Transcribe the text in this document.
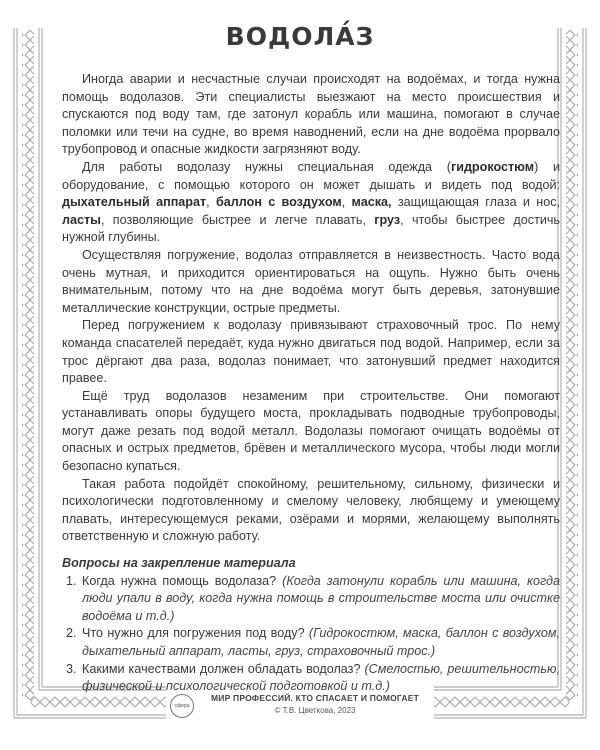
ВОДОЛА́З

Иногда аварии и несчастные случаи происходят на водоёмах, и тогда нужна помощь водолазов. Эти специалисты выезжают на место происшествия и спускаются под воду там, где затонул корабль или машина, помогают в случае поломки или течи на судне, во время наводнений, если на дне водоёма прорвало трубопровод и опасные жидкости загрязняют воду.

Для работы водолазу нужны специальная одежда (гидрокостюм) и оборудование, с помощью которого он может дышать и видеть под водой: дыхательный аппарат, баллон с воздухом, маска, защищающая глаза и нос, ласты, позволяющие быстрее и легче плавать, груз, чтобы быстрее достичь нужной глубины.

Осуществляя погружение, водолаз отправляется в неизвестность. Часто вода очень мутная, и приходится ориентироваться на ощупь. Нужно быть очень внимательным, потому что на дне водоёма могут быть деревья, затонувшие металлические конструкции, острые предметы.

Перед погружением к водолазу привязывают страховочный трос. По нему команда спасателей передаёт, куда нужно двигаться под водой. Например, если за трос дёргают два раза, водолаз понимает, что затонувший предмет находится правее.

Ещё труд водолазов незаменим при строительстве. Они помогают устанавливать опоры будущего моста, прокладывать подводные трубопроводы, могут даже резать под водой металл. Водолазы помогают очищать водоёмы от опасных и острых предметов, брёвен и металлического мусора, чтобы люди могли безопасно купаться.

Такая работа подойдёт спокойному, решительному, сильному, физически и психологически подготовленному и смелому человеку, любящему и умеющему плавать, интересующемуся реками, озёрами и морями, желающему выполнять ответственную и сложную работу.

Вопросы на закрепление материала

1. Когда нужна помощь водолаза? (Когда затонули корабль или машина, когда люди упали в воду, когда нужна помощь в строительстве моста или очистке водоёма и т.д.)
2. Что нужно для погружения под воду? (Гидрокостюм, маска, баллон с воздухом, дыхательный аппарат, ласты, груз, страховочный трос.)
3. Какими качествами должен обладать водолаз? (Смелостью, решительностью, физической и психологической подготовкой и т.д.)
сфера
МИР ПРОФЕССИЙ. КТО СПАСАЕТ И ПОМОГАЕТ
© Т.В. Цветкова, 2023
